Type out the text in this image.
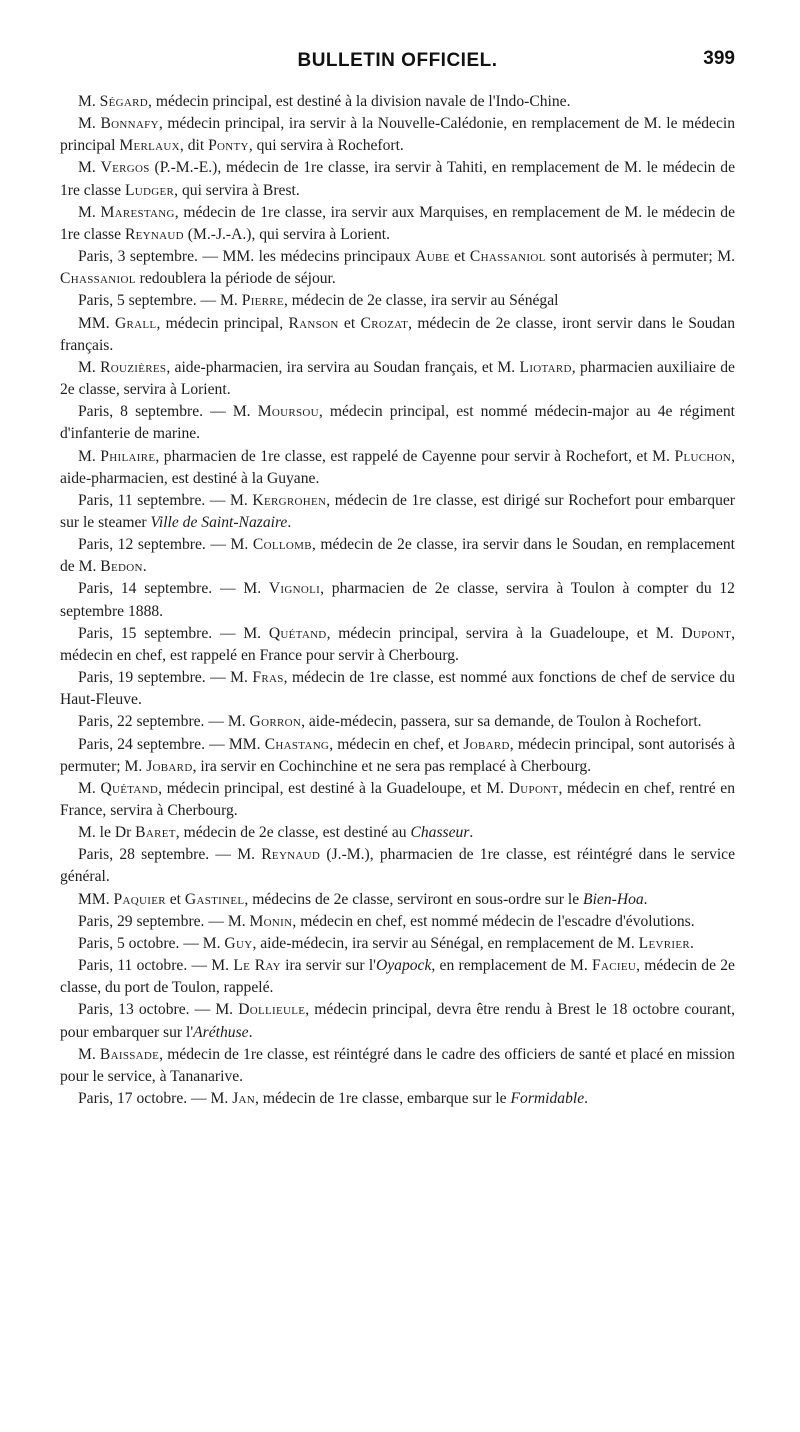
BULLETIN OFFICIEL.	399

M. Ségard, médecin principal, est destiné à la division navale de l'Indo-Chine.

M. Bonnafy, médecin principal, ira servir à la Nouvelle-Calédonie, en remplacement de M. le médecin principal Merlaux, dit Ponty, qui servira à Rochefort.

M. Vergos (P.-M.-E.), médecin de 1re classe, ira servir à Tahiti, en remplacement de M. le médecin de 1re classe Ludger, qui servira à Brest.

M. Marestang, médecin de 1re classe, ira servir aux Marquises, en remplacement de M. le médecin de 1re classe Reynaud (M.-J.-A.), qui servira à Lorient.

Paris, 3 septembre. — MM. les médecins principaux Aube et Chassaniol sont autorisés à permuter; M. Chassaniol redoublera la période de séjour.

Paris, 5 septembre. — M. Pierre, médecin de 2e classe, ira servir au Sénégal

MM. Grall, médecin principal, Ranson et Crozat, médecin de 2e classe, iront servir dans le Soudan français.

M. Rouzières, aide-pharmacien, ira servira au Soudan français, et M. Liotard, pharmacien auxiliaire de 2e classe, servira à Lorient.

Paris, 8 septembre. — M. Moursou, médecin principal, est nommé médecin-major au 4e régiment d'infanterie de marine.

M. Philaire, pharmacien de 1re classe, est rappelé de Cayenne pour servir à Rochefort, et M. Pluchon, aide-pharmacien, est destiné à la Guyane.

Paris, 11 septembre. — M. Kergrohen, médecin de 1re classe, est dirigé sur Rochefort pour embarquer sur le steamer Ville de Saint-Nazaire.

Paris, 12 septembre. — M. Collomb, médecin de 2e classe, ira servir dans le Soudan, en remplacement de M. Bedon.

Paris, 14 septembre. — M. Vignoli, pharmacien de 2e classe, servira à Toulon à compter du 12 septembre 1888.

Paris, 15 septembre. — M. Quétand, médecin principal, servira à la Guadeloupe, et M. Dupont, médecin en chef, est rappelé en France pour servir à Cherbourg.

Paris, 19 septembre. — M. Fras, médecin de 1re classe, est nommé aux fonctions de chef de service du Haut-Fleuve.

Paris, 22 septembre. — M. Gorron, aide-médecin, passera, sur sa demande, de Toulon à Rochefort.

Paris, 24 septembre. — MM. Chastang, médecin en chef, et Jobard, médecin principal, sont autorisés à permuter; M. Jobard, ira servir en Cochinchine et ne sera pas remplacé à Cherbourg.

M. Quétand, médecin principal, est destiné à la Guadeloupe, et M. Dupont, médecin en chef, rentré en France, servira à Cherbourg.

M. le Dr Baret, médecin de 2e classe, est destiné au Chasseur.

Paris, 28 septembre. — M. Reynaud (J.-M.), pharmacien de 1re classe, est réintégré dans le service général.

MM. Paquier et Gastinel, médecins de 2e classe, serviront en sous-ordre sur le Bien-Hoa.

Paris, 29 septembre. — M. Monin, médecin en chef, est nommé médecin de l'escadre d'évolutions.

Paris, 5 octobre. — M. Guy, aide-médecin, ira servir au Sénégal, en remplacement de M. Levrier.

Paris, 11 octobre. — M. Le Ray ira servir sur l'Oyapock, en remplacement de M. Facieu, médecin de 2e classe, du port de Toulon, rappelé.

Paris, 13 octobre. — M. Dollieule, médecin principal, devra être rendu à Brest le 18 octobre courant, pour embarquer sur l'Aréthuse.

M. Baissade, médecin de 1re classe, est réintégré dans le cadre des officiers de santé et placé en mission pour le service, à Tananarive.

Paris, 17 octobre. — M. Jan, médecin de 1re classe, embarque sur le Formidable.
